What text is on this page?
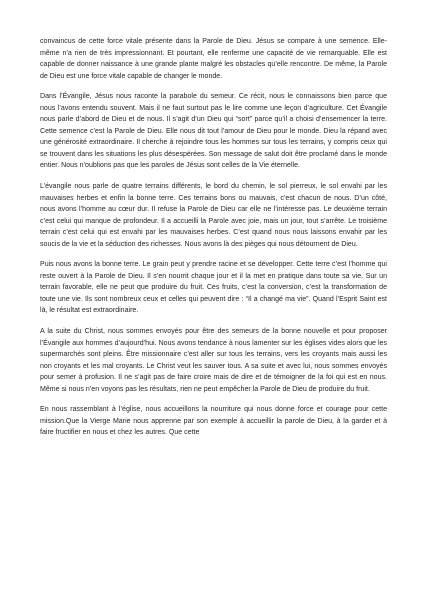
convaincus de cette force vitale présente dans la Parole de Dieu. Jésus se compare à une semence. Elle-même n’a rien de très impressionnant. Et pourtant, elle renferme une capacité de vie remarquable. Elle est capable de donner naissance à une grande plante malgré les obstacles qu’elle rencontre. De même, la Parole de Dieu est une force vitale capable de changer le monde.

Dans l’Évangile, Jésus nous raconte la parabole du semeur. Ce récit, nous le connaissons bien parce que nous l’avons entendu souvent. Mais il ne faut surtout pas le lire comme une leçon d’agriculture. Cet Évangile nous parle d’abord de Dieu et de nous. Il s’agit d’un Dieu qui “sort” parce qu’il a choisi d’ensemencer la terre. Cette semence c’est la Parole de Dieu. Elle nous dit tout l’amour de Dieu pour le monde. Dieu la répand avec une générosité extraordinaire. Il cherche à rejoindre tous les hommes sur tous les terrains, y compris ceux qui se trouvent dans les situations les plus désespérées. Son message de salut doit être proclamé dans le monde entier. Nous n’oublions pas que les paroles de Jésus sont celles de la Vie éternelle.

L’évangile nous parle de quatre terrains différents, le bord du chemin, le sol pierreux, le sol envahi par les mauvaises herbes et enfin la bonne terre. Ces terrains bons ou mauvais, c’est chacun de nous. D’un côté, nous avons l’homme au cœur dur. Il refuse la Parole de Dieu car elle ne l’intéresse pas. Le deuxième terrain c’est celui qui manque de profondeur. Il a accueilli la Parole avec joie, mais un jour, tout s’arrête. Le troisième terrain c’est celui qui est envahi par les mauvaises herbes. C’est quand nous nous laissons envahir par les soucis de la vie et la séduction des richesses. Nous avons là des pièges qui nous détournent de Dieu.

Puis nous avons la bonne terre. Le grain peut y prendre racine et se développer. Cette terre c’est l’homme qui reste ouvert à la Parole de Dieu. Il s’en nourrit chaque jour et il la met en pratique dans toute sa vie. Sur un terrain favorable, elle ne peut que produire du fruit. Ces fruits, c’est la conversion, c’est la transformation de toute une vie. Ils sont nombreux ceux et celles qui peuvent dire : “Il a changé ma vie”. Quand l’Esprit Saint est là, le résultat est extraordinaire.

A la suite du Christ, nous sommes envoyés pour être des semeurs de la bonne nouvelle et pour proposer l’Évangile aux hommes d’aujourd’hui. Nous avons tendance à nous lamenter sur les églises vides alors que les supermarchés sont pleins. Être missionnaire c’est aller sur tous les terrains, vers les croyants mais aussi les non croyants et les mal croyants. Le Christ veut les sauver tous. A sa suite et avec lui, nous sommes envoyés pour semer à profusion. Il ne s’agit pas de faire croire mais de dire et de témoigner de la foi qui est en nous. Même si nous n’en voyons pas les résultats, rien ne peut empêcher la Parole de Dieu de produire du fruit.

En nous rassemblant à l’église, nous accueillons la nourriture qui nous donne force et courage pour cette mission.Que la Vierge Marie nous apprenne par son exemple à accueillir la parole de Dieu, à la garder et à faire fructifier en nous et chez les autres. Que cette
